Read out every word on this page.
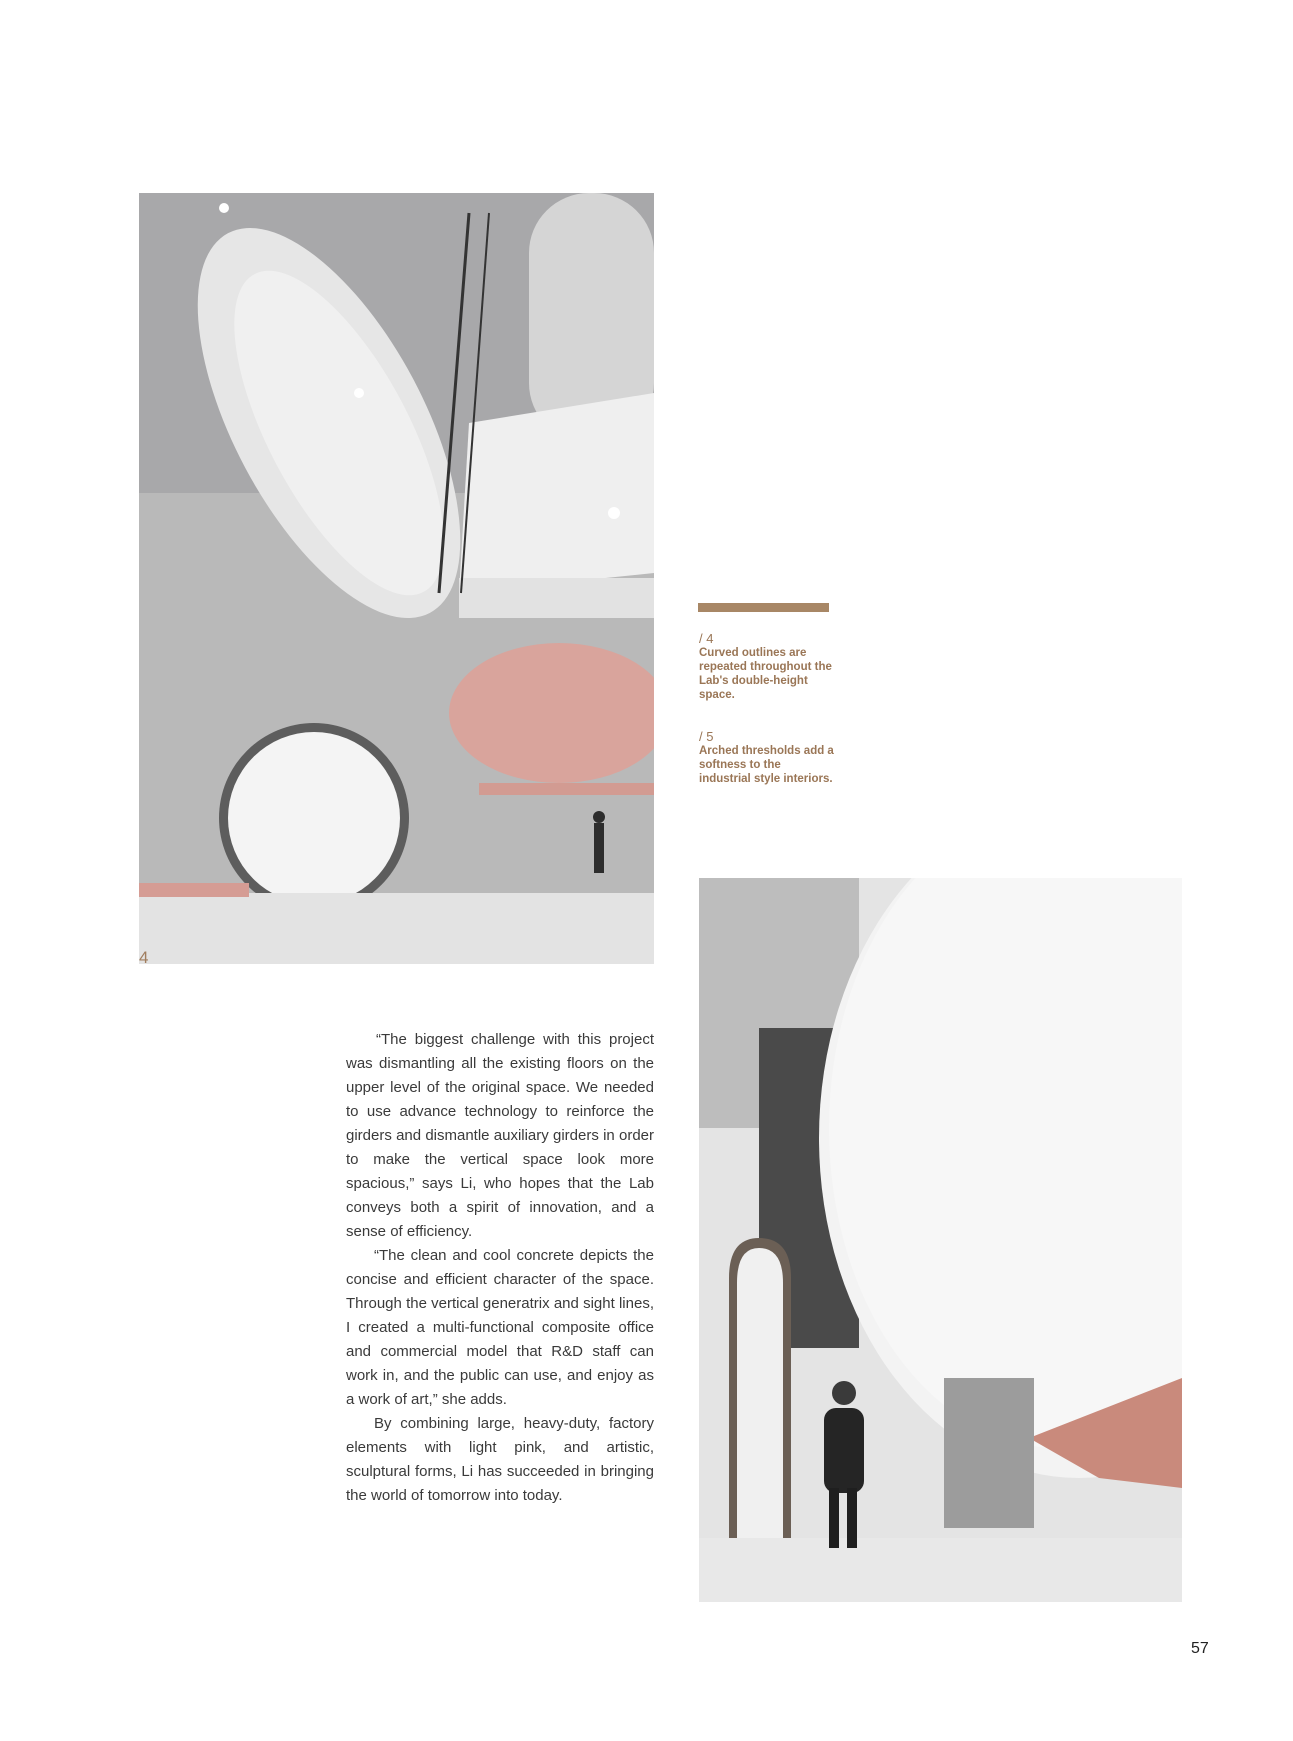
4
/ 4
Curved outlines are repeated throughout the Lab's double-height space.
/ 5
Arched thresholds add a softness to the industrial style interiors.

“The biggest challenge with this project was dismantling all the existing floors on the upper level of the original space. We needed to use advance technology to reinforce the girders and dismantle auxiliary girders in order to make the vertical space look more spacious,” says Li, who hopes that the Lab conveys both a spirit of innovation, and a sense of efficiency.

“The clean and cool concrete depicts the concise and efficient character of the space. Through the vertical generatrix and sight lines, I created a multi-functional composite office and commercial model that R&D staff can work in, and the public can use, and enjoy as a work of art,” she adds.

By combining large, heavy-duty, factory elements with light pink, and artistic, sculptural forms, Li has succeeded in bringing the world of tomorrow into today.

57
